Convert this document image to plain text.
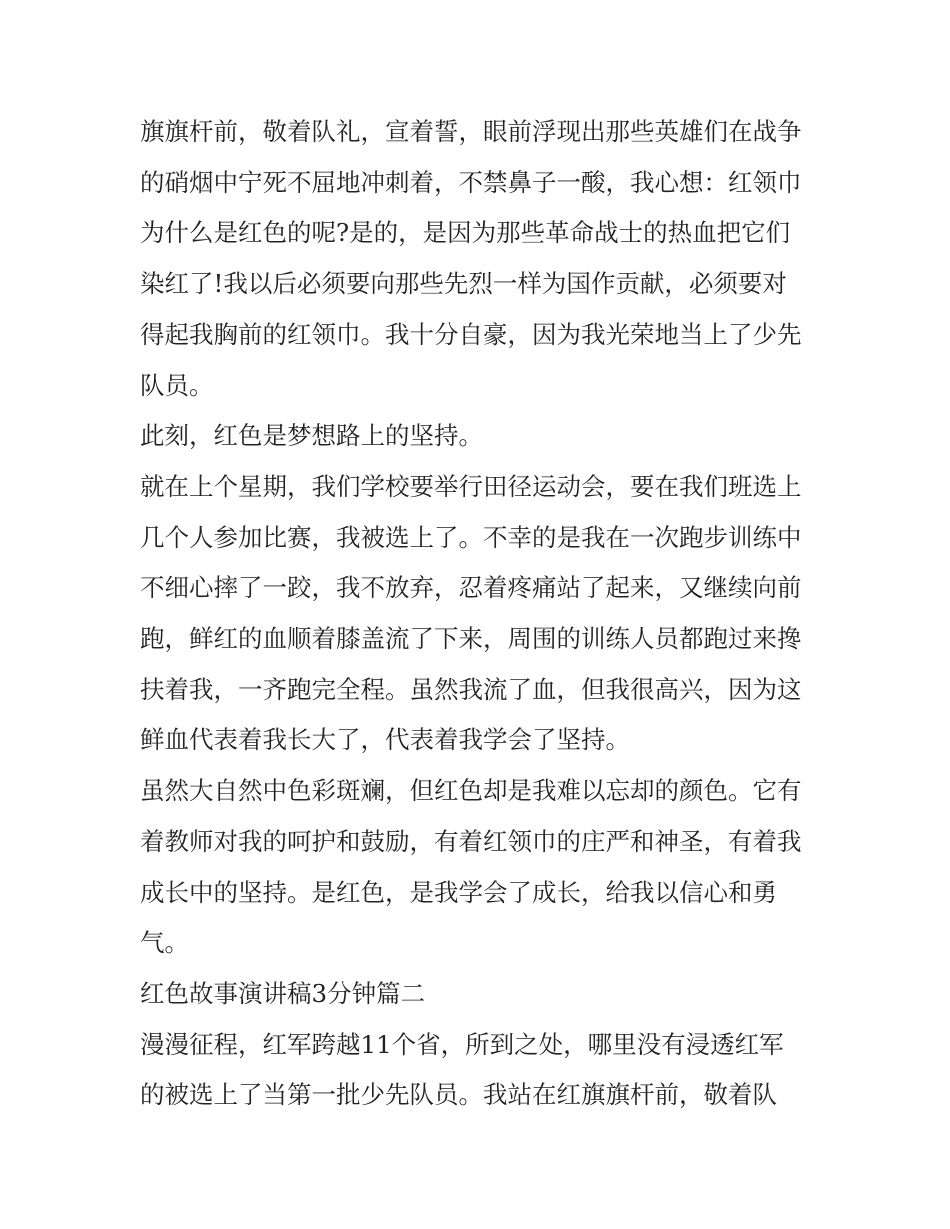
旗旗杆前，敬着队礼，宣着誓，眼前浮现出那些英雄们在战争
的硝烟中宁死不屈地冲刺着，不禁鼻子一酸，我心想：红领巾
为什么是红色的呢?是的，是因为那些革命战士的热血把它们
染红了!我以后必须要向那些先烈一样为国作贡献，必须要对
得起我胸前的红领巾。我十分自豪，因为我光荣地当上了少先
队员。

此刻，红色是梦想路上的坚持。

就在上个星期，我们学校要举行田径运动会，要在我们班选上
几个人参加比赛，我被选上了。不幸的是我在一次跑步训练中
不细心摔了一跤，我不放弃，忍着疼痛站了起来，又继续向前
跑，鲜红的血顺着膝盖流了下来，周围的训练人员都跑过来搀
扶着我，一齐跑完全程。虽然我流了血，但我很高兴，因为这
鲜血代表着我长大了，代表着我学会了坚持。

虽然大自然中色彩斑斓，但红色却是我难以忘却的颜色。它有
着教师对我的呵护和鼓励，有着红领巾的庄严和神圣，有着我
成长中的坚持。是红色，是我学会了成长，给我以信心和勇
气。

红色故事演讲稿3分钟篇二

漫漫征程，红军跨越11个省，所到之处，哪里没有浸透红军
的被选上了当第一批少先队员。我站在红旗旗杆前，敬着队
